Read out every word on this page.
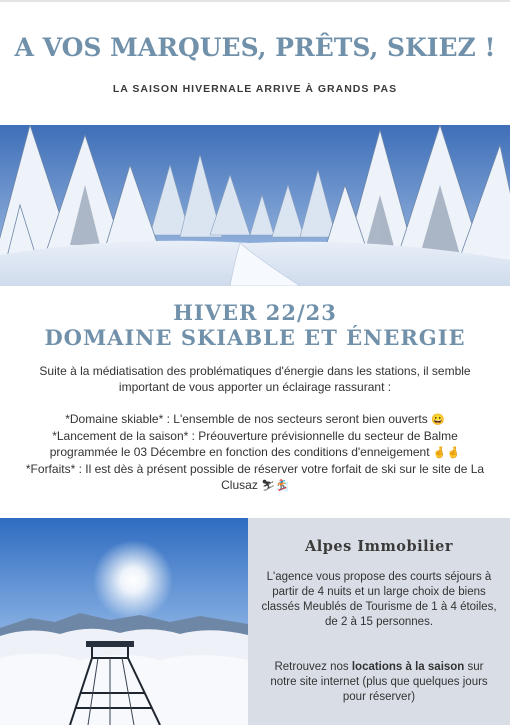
A VOS MARQUES, PRÊTS, SKIEZ !
LA SAISON HIVERNALE ARRIVE À GRANDS PAS
HIVER 22/23
DOMAINE SKIABLE ET ÉNERGIE
Suite à la médiatisation des problématiques d'énergie dans les stations, il semble important de vous apporter un éclairage rassurant :
*Domaine skiable* : L'ensemble de nos secteurs seront bien ouverts 😀
*Lancement de la saison* : Préouverture prévisionnelle du secteur de Balme programmée le 03 Décembre en fonction des conditions d'enneigement 🤞🤞
*Forfaits* : Il est dès à présent possible de réserver votre forfait de ski sur le site de La Clusaz ⛷🏂
Alpes Immobilier
L'agence vous propose des courts séjours à partir de 4 nuits et un large choix de biens classés Meublés de Tourisme de 1 à 4 étoiles, de 2 à 15 personnes.
Retrouvez nos locations à la saison sur notre site internet (plus que quelques jours pour réserver)
